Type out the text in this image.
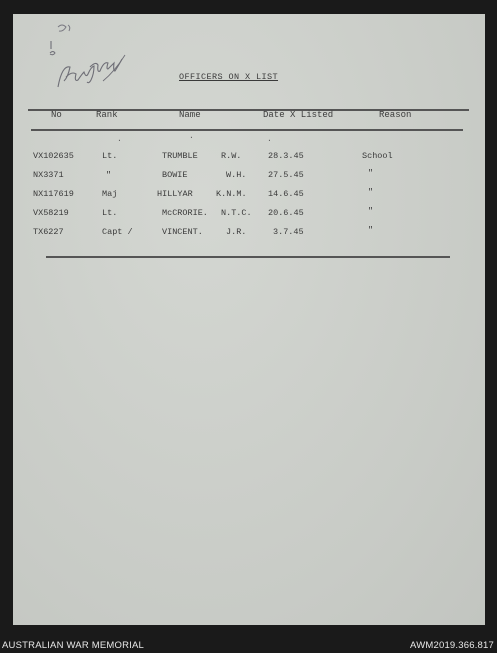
OFFICERS ON X LIST
No	Rank	Name	Date X Listed	Reason
.	.	.
VX102635	Lt.	TRUMBLE	R.W.	28.3.45	School
NX3371	"	BOWIE	W.H.	27.5.45	"
NX117619	Maj	HILLYAR	K.N.M.	14.6.45	"
VX58219	Lt.	McCRORIE. N.T.C. 20.6.45	"
TX6227	Capt /	VINCENT.	J.R.	3.7.45	"
AUSTRALIAN WAR MEMORIAL	AWM2019.366.817
